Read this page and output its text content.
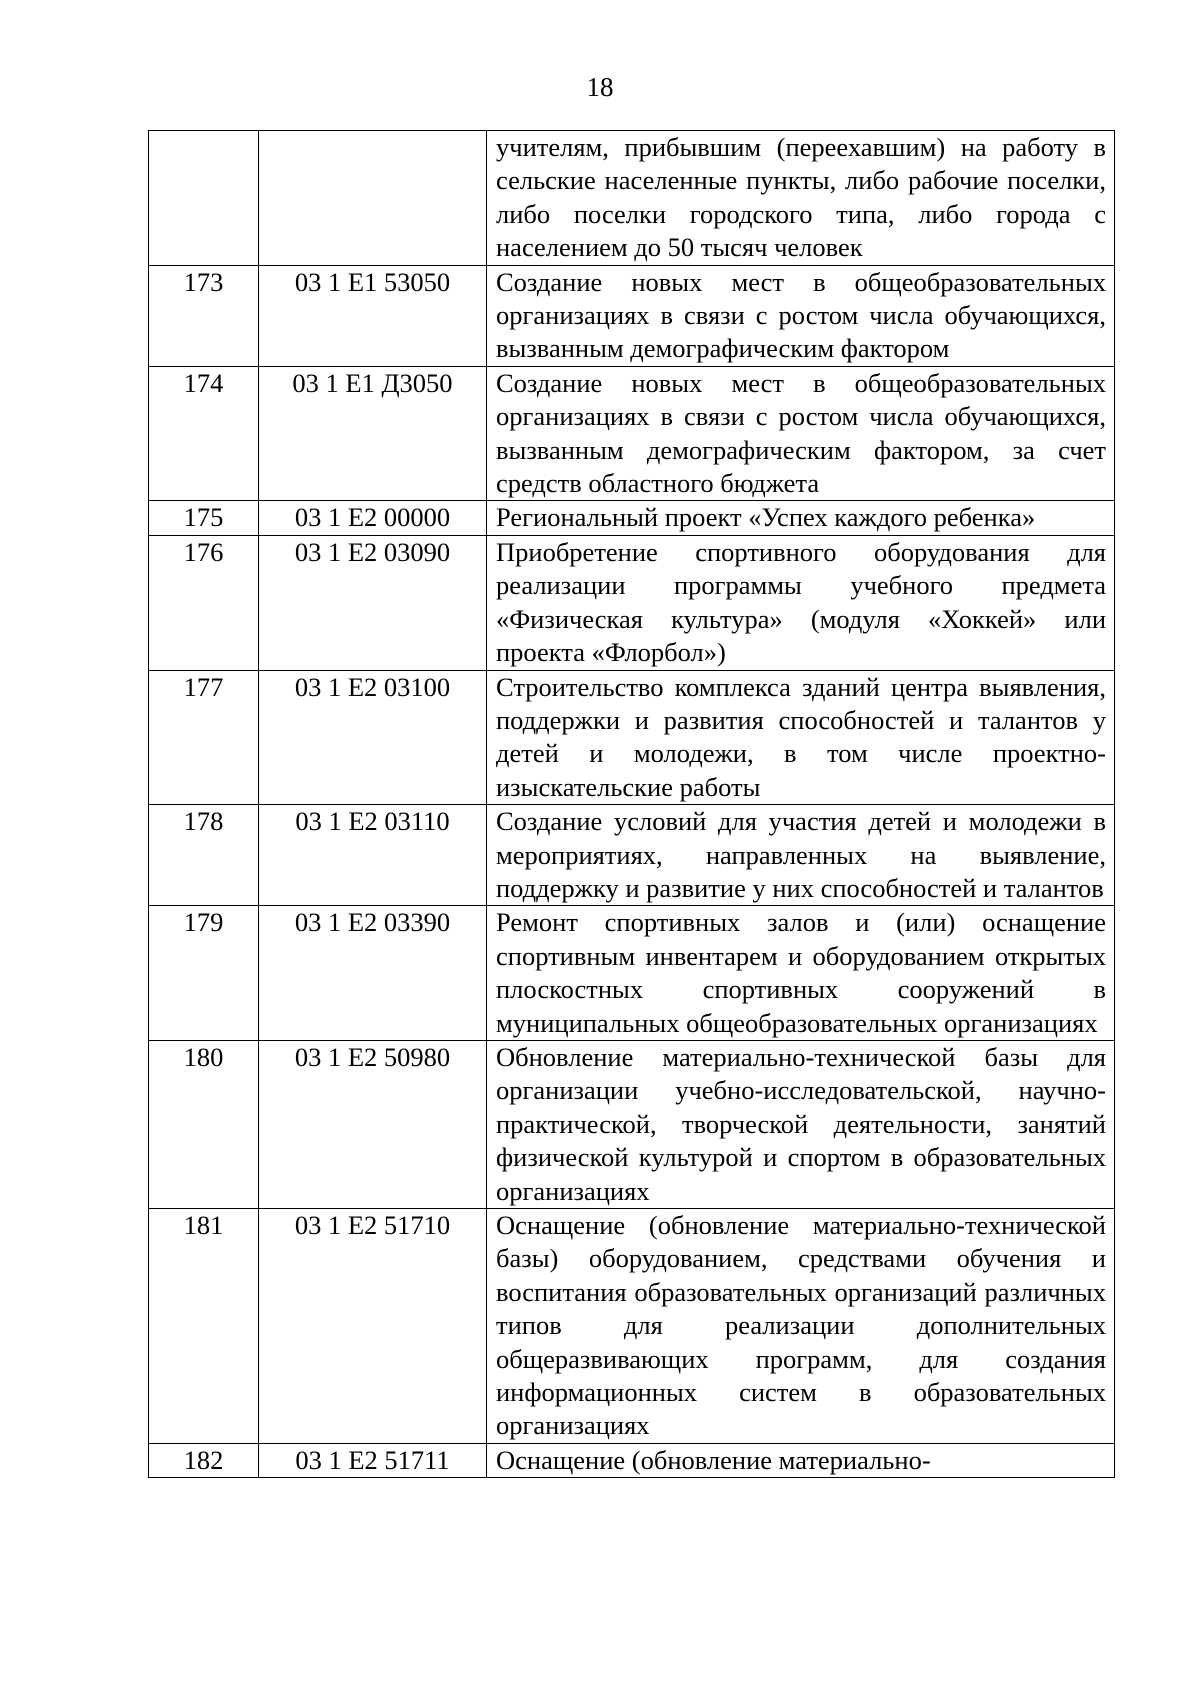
18
		учителям, прибывшим (переехавшим) на работу в сельские населенные пункты, либо рабочие поселки, либо поселки городского типа, либо города с населением до 50 тысяч человек
173	03 1 E1 53050	Создание новых мест в общеобразовательных организациях в связи с ростом числа обучающихся, вызванным демографическим фактором
174	03 1 E1 Д3050	Создание новых мест в общеобразовательных организациях в связи с ростом числа обучающихся, вызванным демографическим фактором, за счет средств областного бюджета
175	03 1 E2 00000	Региональный проект «Успех каждого ребенка»
176	03 1 E2 03090	Приобретение спортивного оборудования для реализации программы учебного предмета «Физическая культура» (модуля «Хоккей» или проекта «Флорбол»)
177	03 1 E2 03100	Строительство комплекса зданий центра выявления, поддержки и развития способностей и талантов у детей и молодежи, в том числе проектно-изыскательские работы
178	03 1 E2 03110	Создание условий для участия детей и молодежи в мероприятиях, направленных на выявление, поддержку и развитие у них способностей и талантов
179	03 1 E2 03390	Ремонт спортивных залов и (или) оснащение спортивным инвентарем и оборудованием открытых плоскостных спортивных сооружений в муниципальных общеобразовательных организациях
180	03 1 E2 50980	Обновление материально-технической базы для организации учебно-исследовательской, научно-практической, творческой деятельности, занятий физической культурой и спортом в образовательных организациях
181	03 1 E2 51710	Оснащение (обновление материально-технической базы) оборудованием, средствами обучения и воспитания образовательных организаций различных типов для реализации дополнительных общеразвивающих программ, для создания информационных систем в образовательных организациях
182	03 1 E2 51711	Оснащение (обновление материально-
